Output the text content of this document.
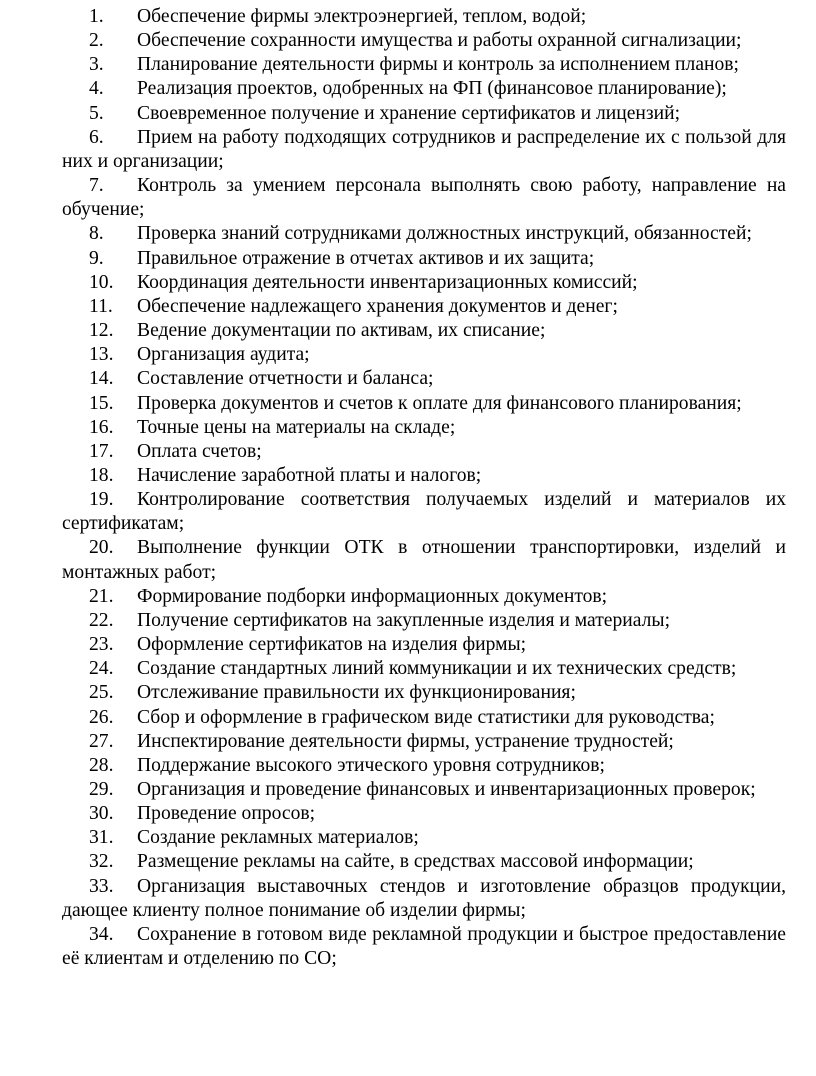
1. Обеспечение фирмы электроэнергией, теплом, водой;

2. Обеспечение сохранности имущества и работы охранной сигнализации;

3. Планирование деятельности фирмы и контроль за исполнением планов;

4. Реализация проектов, одобренных на ФП (финансовое планирование);

5. Своевременное получение и хранение сертификатов и лицензий;

6. Прием на работу подходящих сотрудников и распределение их с пользой для них и организации;

7. Контроль за умением персонала выполнять свою работу, направление на обучение;

8. Проверка знаний сотрудниками должностных инструкций, обязанностей;

9. Правильное отражение в отчетах активов и их защита;

10. Координация деятельности инвентаризационных комиссий;

11. Обеспечение надлежащего хранения документов и денег;

12. Ведение документации по активам, их списание;

13. Организация аудита;

14. Составление отчетности и баланса;

15. Проверка документов и счетов к оплате для финансового планирования;

16. Точные цены на материалы на складе;

17. Оплата счетов;

18. Начисление заработной платы и налогов;

19. Контролирование соответствия получаемых изделий и материалов их сертификатам;

20. Выполнение функции ОТК в отношении транспортировки, изделий и монтажных работ;

21. Формирование подборки информационных документов;

22. Получение сертификатов на закупленные изделия и материалы;

23. Оформление сертификатов на изделия фирмы;

24. Создание стандартных линий коммуникации и их технических средств;

25. Отслеживание правильности их функционирования;

26. Сбор и оформление в графическом виде статистики для руководства;

27. Инспектирование деятельности фирмы, устранение трудностей;

28. Поддержание высокого этического уровня сотрудников;

29. Организация и проведение финансовых и инвентаризационных проверок;

30. Проведение опросов;

31. Создание рекламных материалов;

32. Размещение рекламы на сайте, в средствах массовой информации;

33. Организация выставочных стендов и изготовление образцов продукции, дающее клиенту полное понимание об изделии фирмы;

34. Сохранение в готовом виде рекламной продукции и быстрое предоставление её клиентам и отделению по СО;
